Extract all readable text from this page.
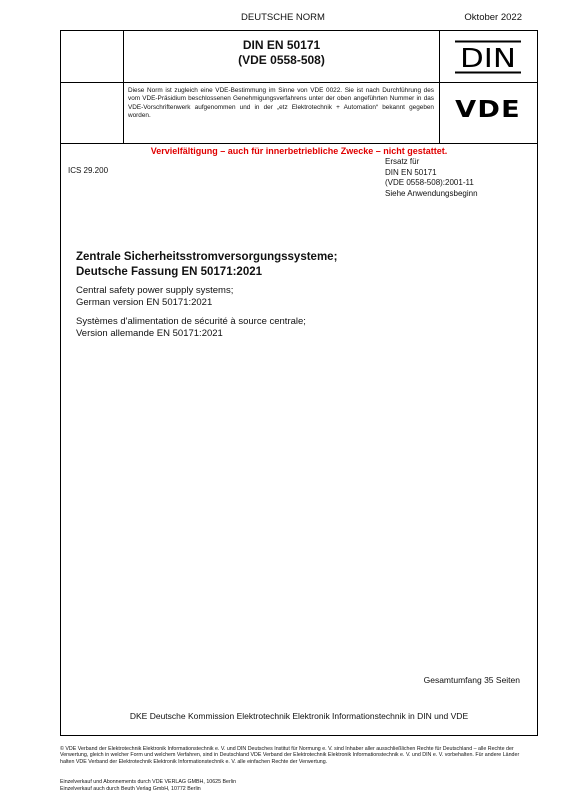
DEUTSCHE NORM	Oktober 2022
DIN EN 50171
(VDE 0558-508)	DIN
Diese Norm ist zugleich eine VDE-Bestimmung im Sinne von VDE 0022. Sie ist nach Durchführung des vom VDE-Präsidium beschlossenen Genehmigungsverfahrens unter der oben angeführten Nummer in das VDE-Vorschriftenwerk aufgenommen und in der „etz Elektrotechnik + Automation“ bekannt gegeben worden.	VDE
Vervielfältigung – auch für innerbetriebliche Zwecke – nicht gestattet.
ICS 29.200
Ersatz für
DIN EN 50171
(VDE 0558-508):2001-11
Siehe Anwendungsbeginn
Zentrale Sicherheitsstromversorgungssysteme;
Deutsche Fassung EN 50171:2021
Central safety power supply systems;
German version EN 50171:2021
Systèmes d'alimentation de sécurité à source centrale;
Version allemande EN 50171:2021
Gesamtumfang 35 Seiten
DKE Deutsche Kommission Elektrotechnik Elektronik Informationstechnik in DIN und VDE
© VDE Verband der Elektrotechnik Elektronik Informationstechnik e. V. und DIN Deutsches Institut für Normung e. V. sind Inhaber aller ausschließlichen Rechte für Deutschland – alle Rechte der Verwertung, gleich in welcher Form und welchem Verfahren, sind in Deutschland VDE Verband der Elektrotechnik Elektronik Informationstechnik e. V. und DIN e. V. vorbehalten. Für andere Länder halten VDE Verband der Elektrotechnik Elektronik Informationstechnik e. V. alle einfachen Rechte der Verwertung.
Einzelverkauf und Abonnements durch VDE VERLAG GMBH, 10625 Berlin
Einzelverkauf auch durch Beuth Verlag GmbH, 10772 Berlin
